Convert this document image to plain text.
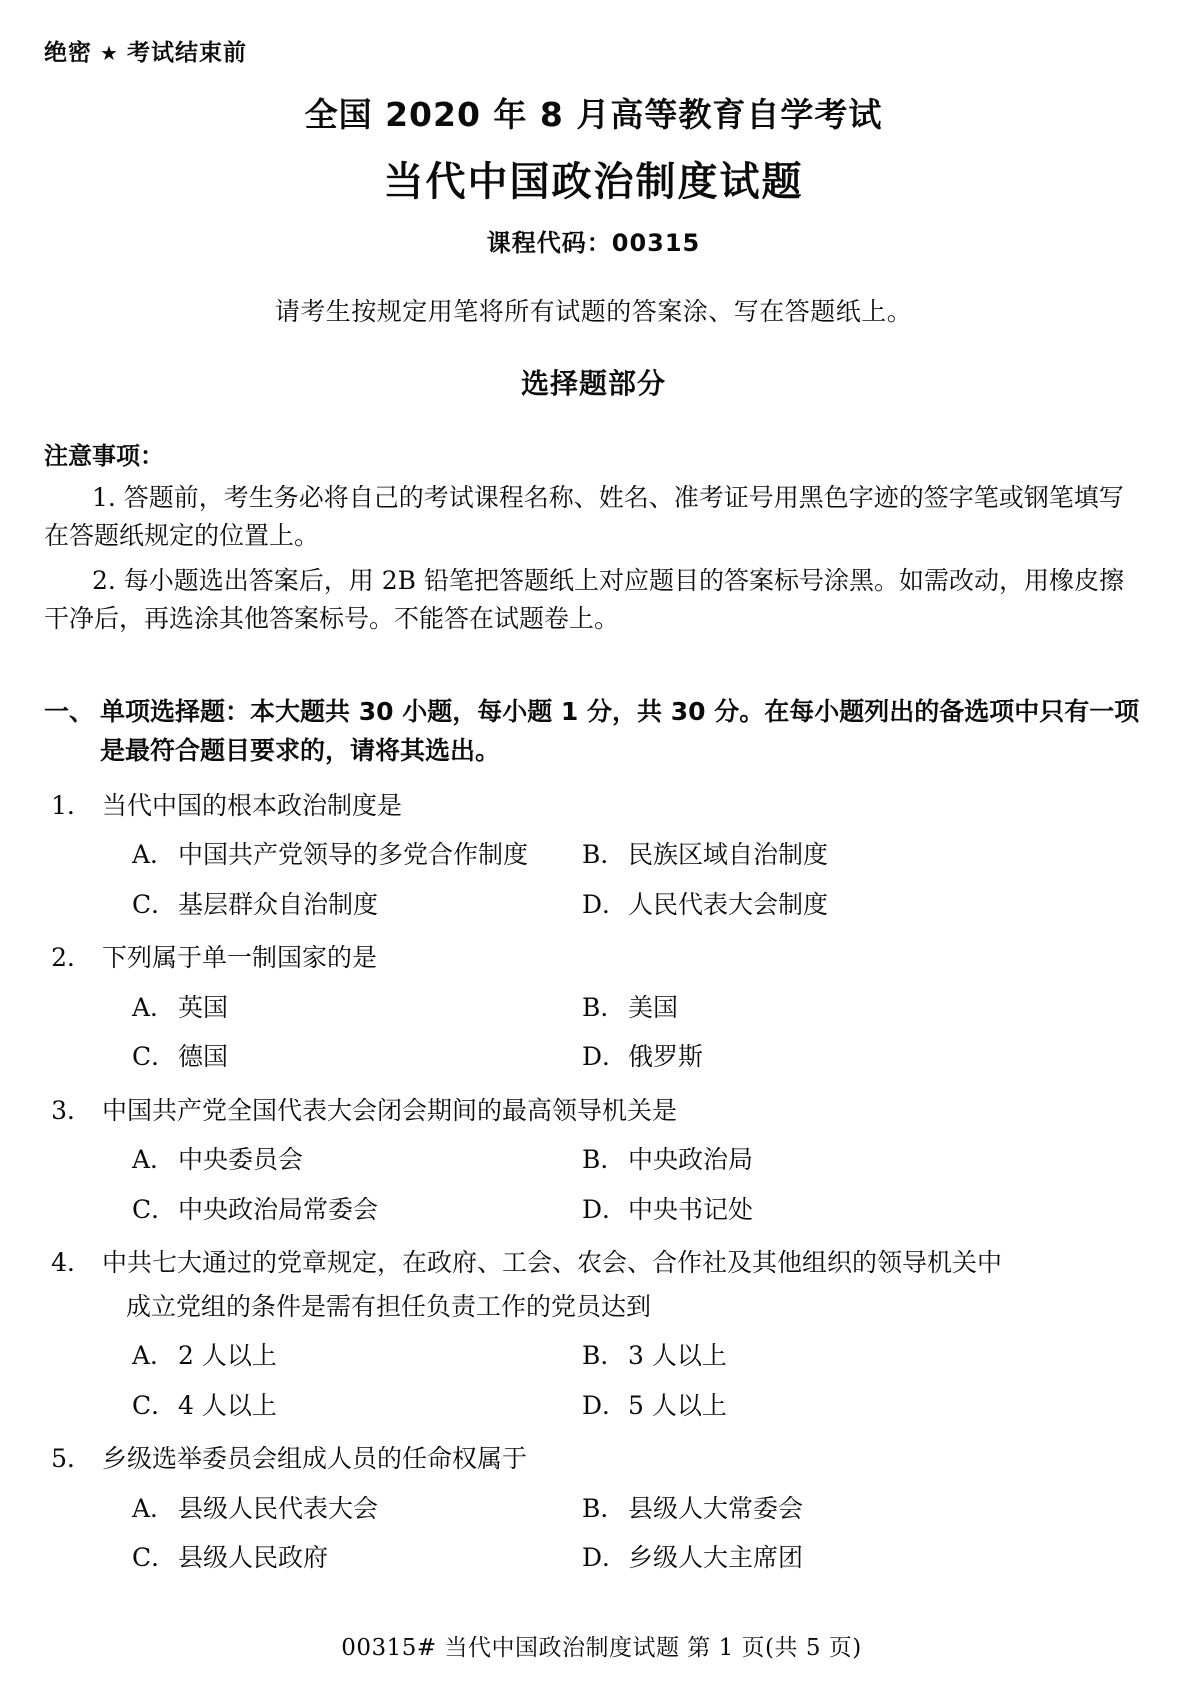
绝密 ★ 考试结束前
全国 2020 年 8 月高等教育自学考试
当代中国政治制度试题
课程代码：00315
请考生按规定用笔将所有试题的答案涂、写在答题纸上。
选择题部分
注意事项：
1. 答题前，考生务必将自己的考试课程名称、姓名、准考证号用黑色字迹的签字笔或钢笔填写在答题纸规定的位置上。
2. 每小题选出答案后，用 2B 铅笔把答题纸上对应题目的答案标号涂黑。如需改动，用橡皮擦干净后，再选涂其他答案标号。不能答在试题卷上。
一、 单项选择题：本大题共 30 小题，每小题 1 分，共 30 分。在每小题列出的备选项中只有一项是最符合题目要求的，请将其选出。
1． 当代中国的根本政治制度是
A． 中国共产党领导的多党合作制度	B． 民族区域自治制度
C． 基层群众自治制度	D． 人民代表大会制度
2． 下列属于单一制国家的是
A． 英国	B． 美国
C． 德国	D． 俄罗斯
3． 中国共产党全国代表大会闭会期间的最高领导机关是
A． 中央委员会	B． 中央政治局
C． 中央政治局常委会	D． 中央书记处
4． 中共七大通过的党章规定，在政府、工会、农会、合作社及其他组织的领导机关中
成立党组的条件是需有担任负责工作的党员达到
A． 2 人以上	B． 3 人以上
C． 4 人以上	D． 5 人以上
5． 乡级选举委员会组成人员的任命权属于
A． 县级人民代表大会	B． 县级人大常委会
C． 县级人民政府	D． 乡级人大主席团
00315# 当代中国政治制度试题 第 1 页(共 5 页)
